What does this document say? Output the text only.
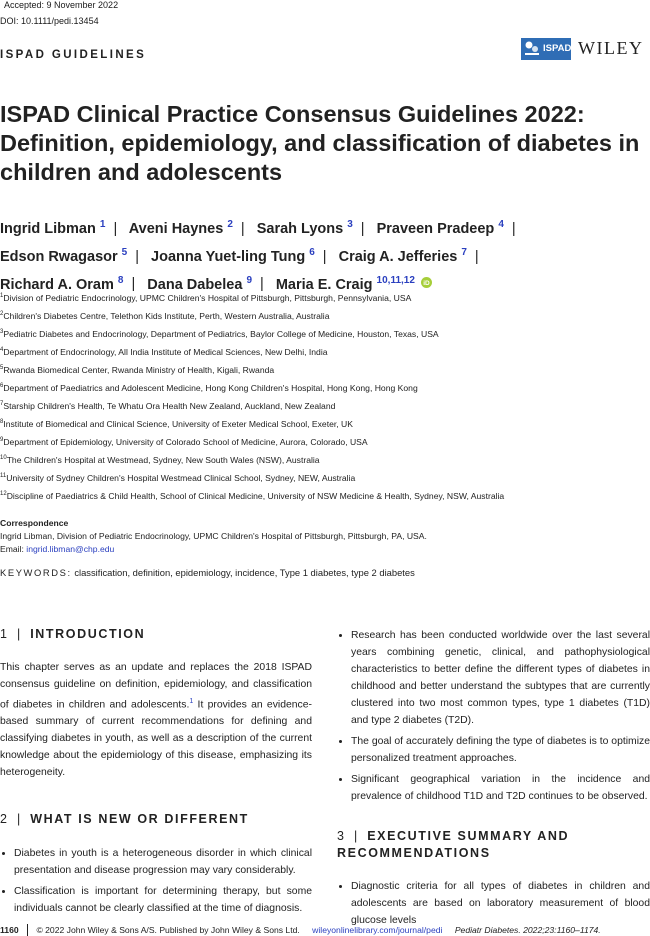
Accepted: 9 November 2022
DOI: 10.1111/pedi.13454
ISPAD GUIDELINES
ISPAD WILEY
ISPAD Clinical Practice Consensus Guidelines 2022: Definition, epidemiology, and classification of diabetes in children and adolescents
Ingrid Libman $^1$ | Aveni Haynes $^2$ | Sarah Lyons $^3$ | Praveen Pradeep $^4$ |
Edson Rwagasor $^5$ | Joanna Yuet-ling Tung $^6$ | Craig A. Jefferies $^7$ |
Richard A. Oram $^8$ | Dana Dabelea $^9$ | Maria E. Craig $^{10,11,12}$ iD
$^1$Division of Pediatric Endocrinology, UPMC Children's Hospital of Pittsburgh, Pittsburgh, Pennsylvania, USA
$^2$Children's Diabetes Centre, Telethon Kids Institute, Perth, Western Australia, Australia
$^3$Pediatric Diabetes and Endocrinology, Department of Pediatrics, Baylor College of Medicine, Houston, Texas, USA
$^4$Department of Endocrinology, All India Institute of Medical Sciences, New Delhi, India
$^5$Rwanda Biomedical Center, Rwanda Ministry of Health, Kigali, Rwanda
$^6$Department of Paediatrics and Adolescent Medicine, Hong Kong Children's Hospital, Hong Kong, Hong Kong
$^7$Starship Children's Health, Te Whatu Ora Health New Zealand, Auckland, New Zealand
$^8$Institute of Biomedical and Clinical Science, University of Exeter Medical School, Exeter, UK
$^9$Department of Epidemiology, University of Colorado School of Medicine, Aurora, Colorado, USA
$^{10}$The Children's Hospital at Westmead, Sydney, New South Wales (NSW), Australia
$^{11}$University of Sydney Children's Hospital Westmead Clinical School, Sydney, NEW, Australia
$^{12}$Discipline of Paediatrics & Child Health, School of Clinical Medicine, University of NSW Medicine & Health, Sydney, NSW, Australia
Correspondence
Ingrid Libman, Division of Pediatric Endocrinology, UPMC Children's Hospital of Pittsburgh, Pittsburgh, PA, USA.
Email: ingrid.libman@chp.edu
KEYWORDS: classification, definition, epidemiology, incidence, Type 1 diabetes, type 2 diabetes
1 | INTRODUCTION
This chapter serves as an update and replaces the 2018 ISPAD consensus guideline on definition, epidemiology, and classification of diabetes in children and adolescents.$^1$ It provides an evidence-based summary of current recommendations for defining and classifying diabetes in youth, as well as a description of the current knowledge about the epidemiology of this disease, emphasizing its heterogeneity.
2 | WHAT IS NEW OR DIFFERENT
• Diabetes in youth is a heterogeneous disorder in which clinical presentation and disease progression may vary considerably.
• Classification is important for determining therapy, but some individuals cannot be clearly classified at the time of diagnosis.
• Research has been conducted worldwide over the last several years combining genetic, clinical, and pathophysiological characteristics to better define the different types of diabetes in childhood and better understand the subtypes that are currently clustered into two most common types, type 1 diabetes (T1D) and type 2 diabetes (T2D).
• The goal of accurately defining the type of diabetes is to optimize personalized treatment approaches.
• Significant geographical variation in the incidence and prevalence of childhood T1D and T2D continues to be observed.
3 | EXECUTIVE SUMMARY AND RECOMMENDATIONS
• Diagnostic criteria for all types of diabetes in children and adolescents are based on laboratory measurement of blood glucose levels
1160 © 2022 John Wiley & Sons A/S. Published by John Wiley & Sons Ltd. wileyonlinelibrary.com/journal/pedi Pediatr Diabetes. 2022;23:1160–1174.
